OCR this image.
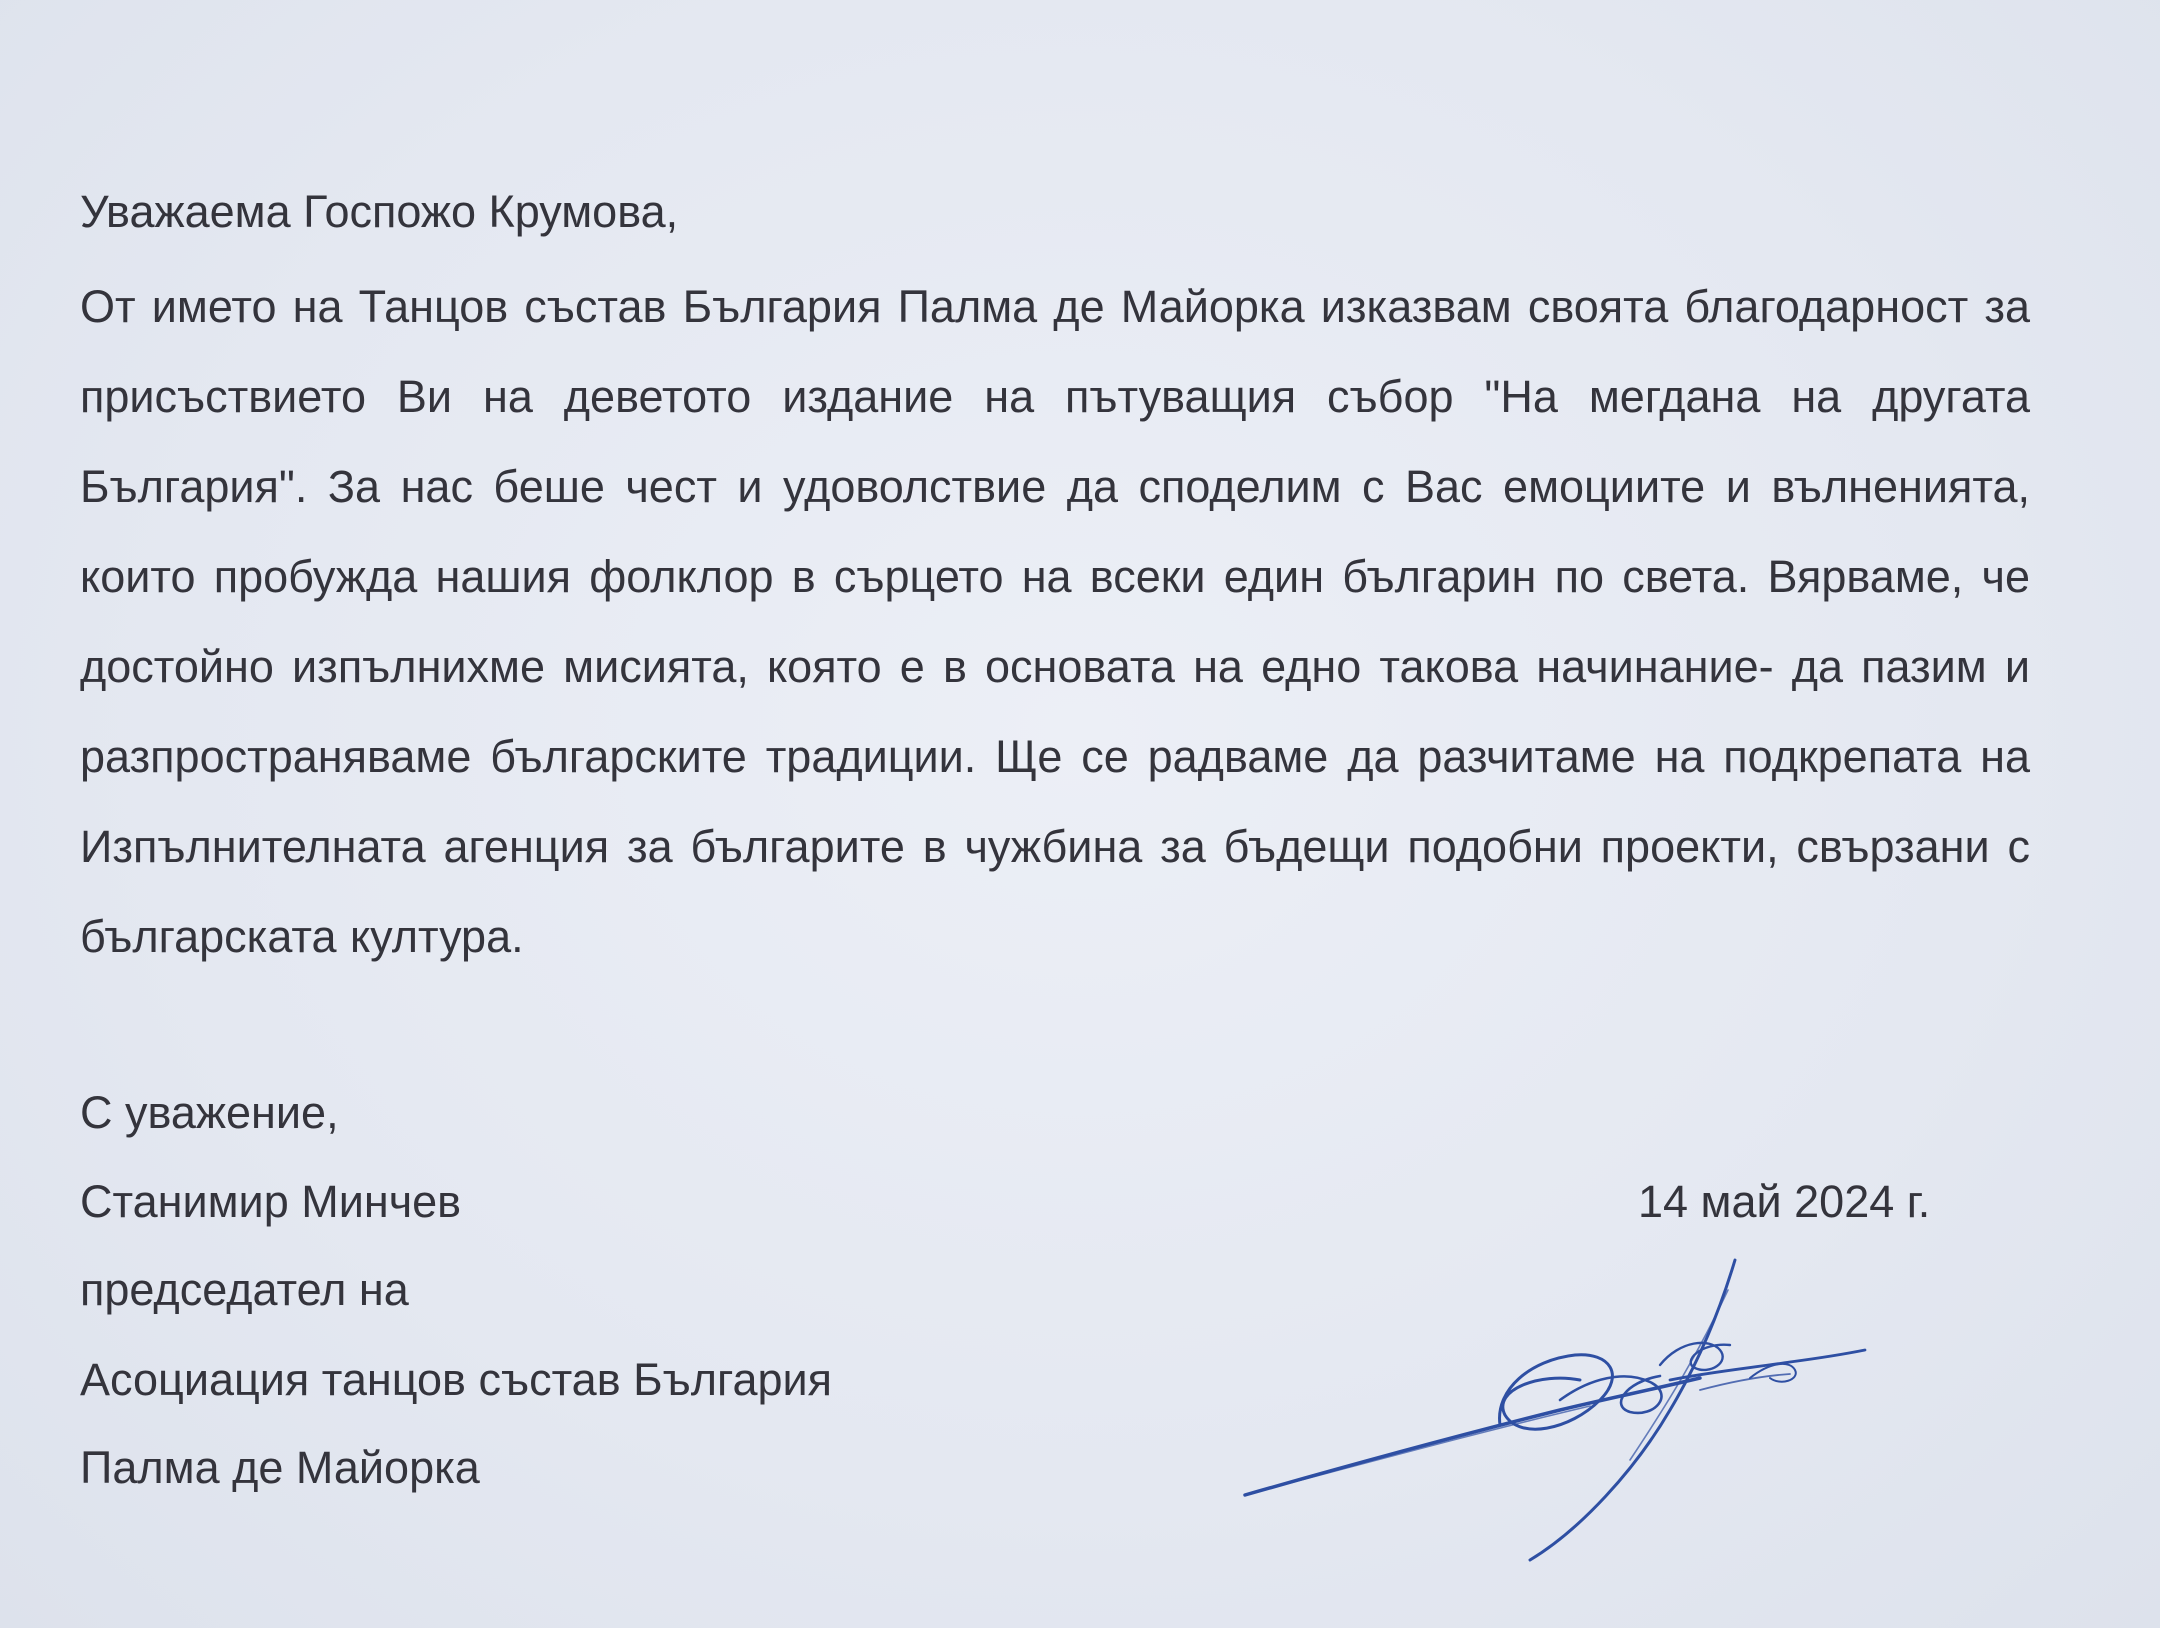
Уважаема Госпожо Крумова,
От името на Танцов състав България Палма де Майорка изказвам своята благодарност за присъствието Ви на деветото издание на пътуващия събор "На мегдана на другата България". За нас беше чест и удоволствие да споделим с Вас емоциите и вълненията, които пробужда нашия фолклор в сърцето на всеки един българин по света. Вярваме, че достойно изпълнихме мисията, която е в основата на едно такова начинание- да пазим и разпространяваме българските традиции. Ще се радваме да разчитаме на подкрепата на Изпълнителната агенция за българите в чужбина за бъдещи подобни проекти, свързани с българската култура.
С уважение,
Станимир Минчев
председател на
Асоциация танцов състав България
Палма де Майорка
14 май 2024 г.
